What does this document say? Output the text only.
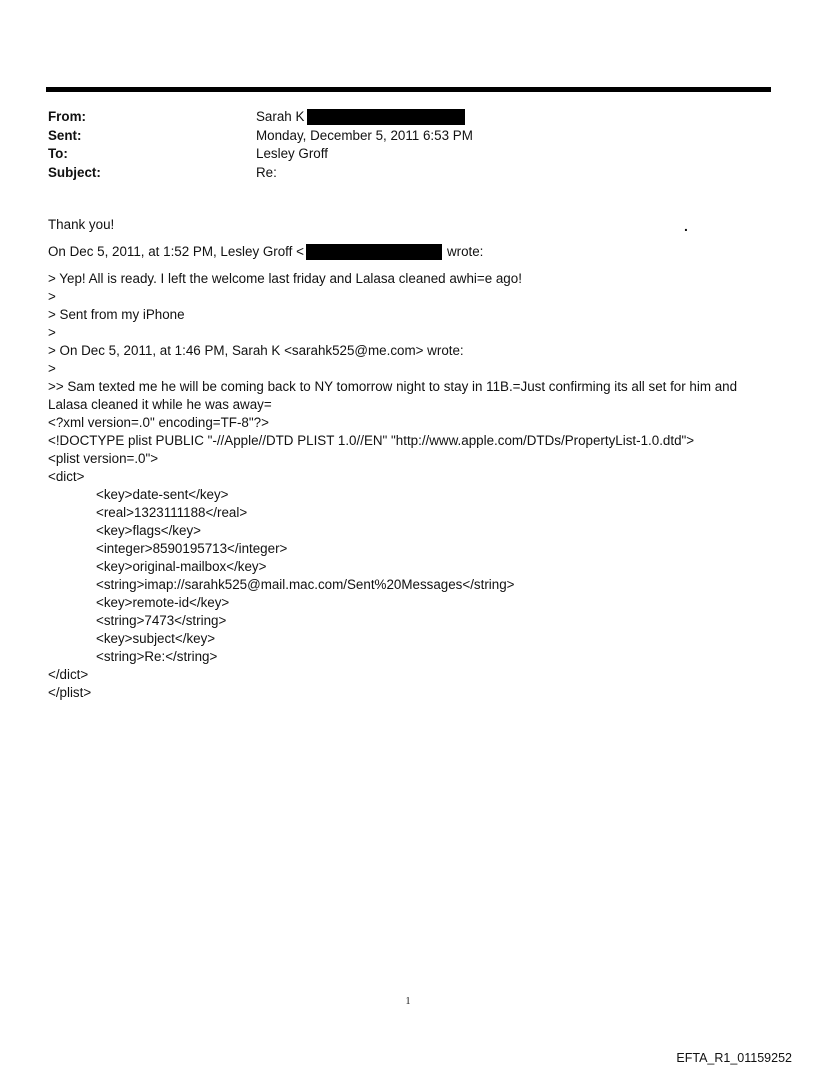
From:	Sarah K
Sent:	Monday, December 5, 2011 6:53 PM
To:	Lesley Groff
Subject:	Re:
.
Thank you!
On Dec 5, 2011, at 1:52 PM, Lesley Groff <	wrote:
> Yep! All is ready. I left the welcome last friday and Lalasa cleaned awhi=e ago!
>
> Sent from my iPhone
>
> On Dec 5, 2011, at 1:46 PM, Sarah K <sarahk525@me.com> wrote:
>
>> Sam texted me he will be coming back to NY tomorrow night to stay in 11B.=Just confirming its all set for him and Lalasa cleaned it while he was away=
<?xml version=.0" encoding=TF-8"?>
<!DOCTYPE plist PUBLIC "-//Apple//DTD PLIST 1.0//EN" "http://www.apple.com/DTDs/PropertyList-1.0.dtd">
<plist version=.0">
<dict>
<key>date-sent</key>
<real>1323111188</real>
<key>flags</key>
<integer>8590195713</integer>
<key>original-mailbox</key>
<string>imap://sarahk525@mail.mac.com/Sent%20Messages</string>
<key>remote-id</key>
<string>7473</string>
<key>subject</key>
<string>Re:</string>
</dict>
</plist>
1
EFTA_R1_01159252
